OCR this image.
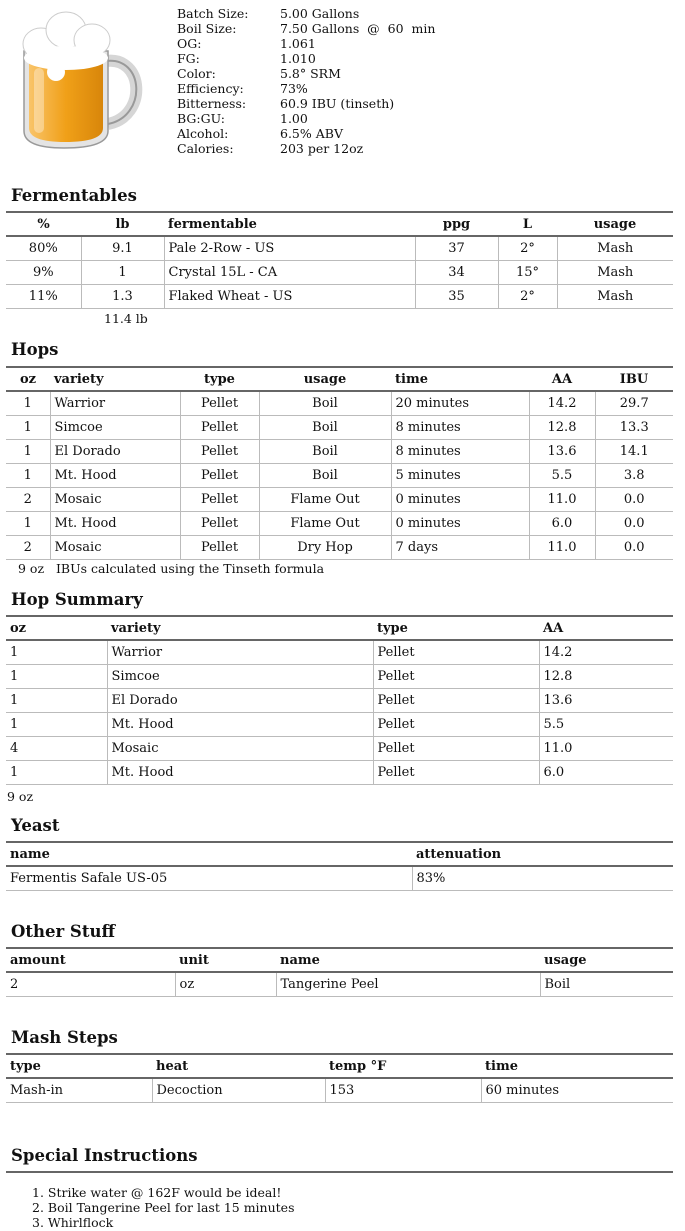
Batch Size:	5.00 Gallons
Boil Size:	7.50 Gallons  @  60  min
OG:	1.061
FG:	1.010
Color:	5.8° SRM
Efficiency:	73%
Bitterness:	60.9 IBU (tinseth)
BG:GU:	1.00
Alcohol:	6.5% ABV
Calories:	203 per 12oz
Fermentables
%	lb	fermentable	ppg	L	usage
80%	9.1	Pale 2-Row - US	37	2°	Mash
9%	1	Crystal 15L - CA	34	15°	Mash
11%	1.3	Flaked Wheat - US	35	2°	Mash
11.4 lb
Hops
oz	variety	type	usage	time	AA	IBU
1	Warrior	Pellet	Boil	20 minutes	14.2	29.7
1	Simcoe	Pellet	Boil	8 minutes	12.8	13.3
1	El Dorado	Pellet	Boil	8 minutes	13.6	14.1
1	Mt. Hood	Pellet	Boil	5 minutes	5.5	3.8
2	Mosaic	Pellet	Flame Out	0 minutes	11.0	0.0
1	Mt. Hood	Pellet	Flame Out	0 minutes	6.0	0.0
2	Mosaic	Pellet	Dry Hop	7 days	11.0	0.0
9 oz IBUs calculated using the Tinseth formula
Hop Summary
oz	variety	type	AA
1	Warrior	Pellet	14.2
1	Simcoe	Pellet	12.8
1	El Dorado	Pellet	13.6
1	Mt. Hood	Pellet	5.5
4	Mosaic	Pellet	11.0
1	Mt. Hood	Pellet	6.0
9 oz
Yeast
name	attenuation
Fermentis Safale US-05	83%
Other Stuff
amount	unit	name	usage
2	oz	Tangerine Peel	Boil
Mash Steps
type	heat	temp °F	time
Mash-in	Decoction	153	60 minutes
Special Instructions
Strike water @ 162F would be ideal!
Boil Tangerine Peel for last 15 minutes
Whirlflock
